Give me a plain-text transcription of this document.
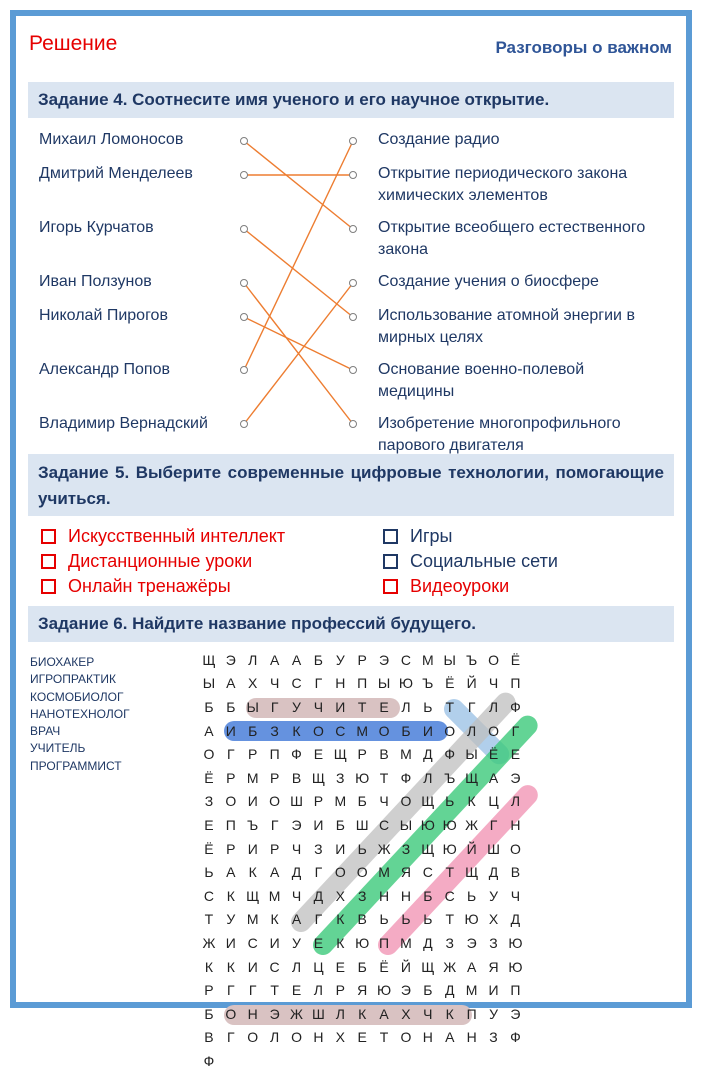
Решение	Разговоры о важном
Задание 4. Соотнесите имя ученого и его научное открытие.
Михаил Ломоносов
Дмитрий Менделеев
Игорь Курчатов
Иван Ползунов
Николай Пирогов
Александр Попов
Владимир Вернадский
Создание радио
Открытие периодического закона
химических элементов
Открытие всеобщего естественного
закона
Создание учения о биосфере
Использование атомной энергии в
мирных целях
Основание военно-полевой
медицины
Изобретение многопрофильного
парового двигателя
Задание 5. Выберите современные цифровые технологии, помогающие учиться.
Искусственный интеллект
Дистанционные уроки
Онлайн тренажёры
Игры
Социальные сети
Видеоуроки
Задание 6. Найдите название профессий будущего.
БИОХАКЕР
ИГРОПРАКТИК
КОСМОБИОЛОГ
НАНОТЕХНОЛОГ
ВРАЧ
УЧИТЕЛЬ
ПРОГРАММИСТ
Щ Э Л А А Б У Р Э С М Ы Ъ О Ё
Ы А Х Ч С Г Н П Ы Ю Ъ Ё Й Ч П
Б Б Ы Г У Ч И Т Е Л Ь Т Г Л Ф
А И Б З К О С М О Б И О Л О Г
О Г Р П Ф Е Щ Р В М Д Ф Ы Ё Е
Ё Р М Р В Щ З Ю Т Ф Л Ъ Щ А Э
З О И О Ш Р М Б Ч О Щ Ь К Ц Л
Е П Ъ Г Э И Б Ш С Ы Ю Ю Ж Г Н
Ё Р И Р Ч З И Ь Ж З Щ Ю Й Ш О
Ь А К А Д Г О О М Я С Т Щ Д В
С К Щ М Ч Д Х З Н Н Б С Ь У Ч
Т У М К А Г	К В Ь Ь Ь Т Ю Х Д
Ж И С И У Е К Ю П М Д З Э З Ю
К К И С Л Ц Е Б Ё Й Щ Ж А Я Ю
Р Г	Г Т Е Л Р Я Ю Э Б Д М И П
Б О Н Э Ж Ш Л К А Х Ч К П У Э
В Г О Л О Н Х Е Т О Н А Н З Ф
Ф
